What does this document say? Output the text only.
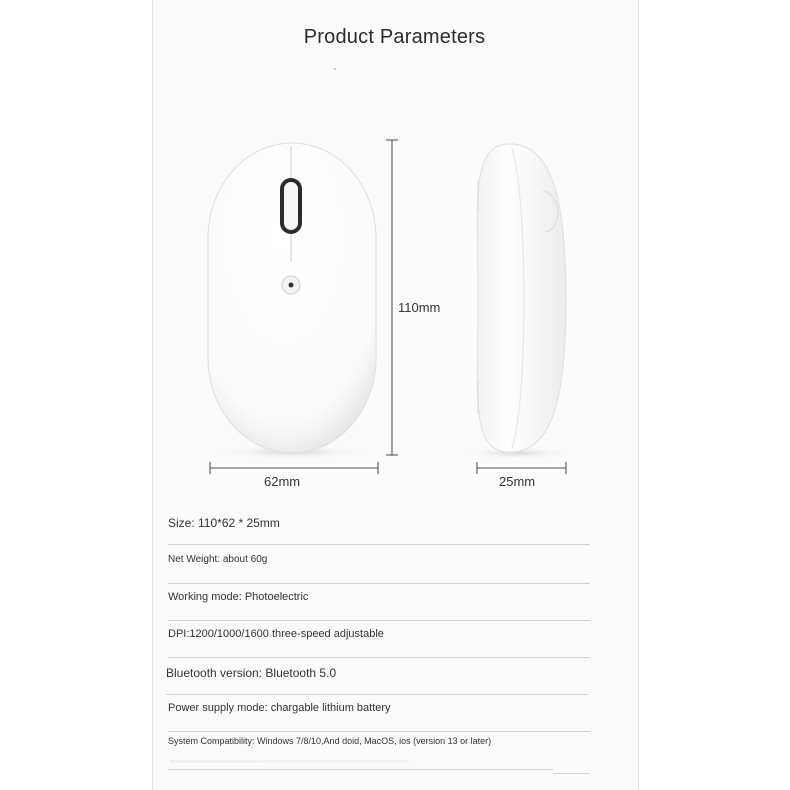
Product Parameters
110mm
62mm	25mm
Size: 110*62 * 25mm
Net Weight: about 60g
Working mode: Photoelectric
DPI:1200/1000/1600 three-speed adjustable
Bluetooth version: Bluetooth 5.0
Power supply mode: chargable lithium battery
System Compatibility: Windows 7/8/10,And doid, MacOS, ios (version 13 or later)
